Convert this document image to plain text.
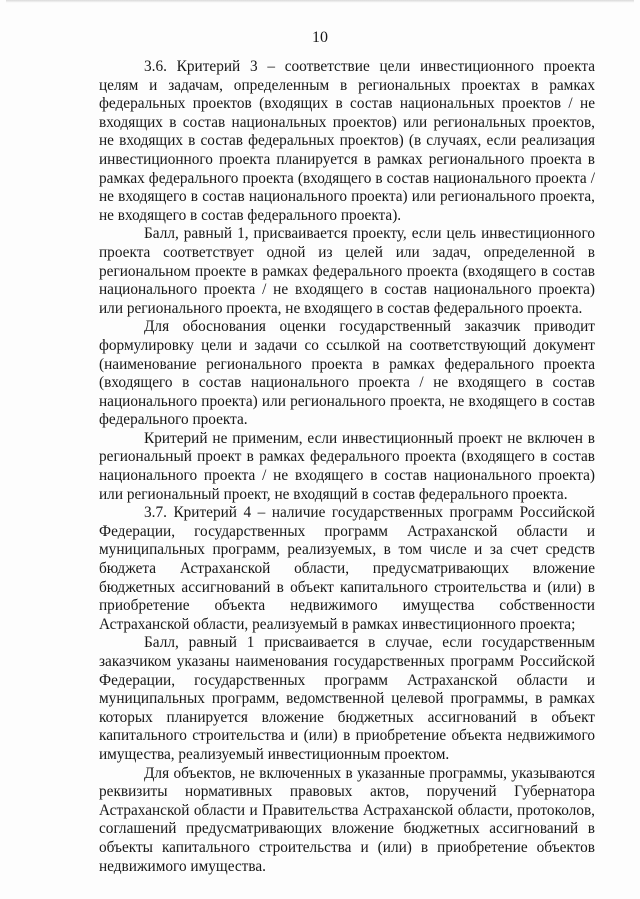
10

3.6. Критерий 3 – соответствие цели инвестиционного проекта целям и задачам, определенным в региональных проектах в рамках федеральных проектов (входящих в состав национальных проектов / не входящих в состав национальных проектов) или региональных проектов, не входящих в состав федеральных проектов) (в случаях, если реализация инвестиционного проекта планируется в рамках регионального проекта в рамках федерального проекта (входящего в состав национального проекта / не входящего в состав национального проекта) или регионального проекта, не входящего в состав федерального проекта).

Балл, равный 1, присваивается проекту, если цель инвестиционного проекта соответствует одной из целей или задач, определенной в региональном проекте в рамках федерального проекта (входящего в состав национального проекта / не входящего в состав национального проекта) или регионального проекта, не входящего в состав федерального проекта.

Для обоснования оценки государственный заказчик приводит формулировку цели и задачи со ссылкой на соответствующий документ (наименование регионального проекта в рамках федерального проекта (входящего в состав национального проекта / не входящего в состав национального проекта) или регионального проекта, не входящего в состав федерального проекта.

Критерий не применим, если инвестиционный проект не включен в региональный проект в рамках федерального проекта (входящего в состав национального проекта / не входящего в состав национального проекта) или региональный проект, не входящий в состав федерального проекта.

3.7. Критерий 4 – наличие государственных программ Российской Федерации, государственных программ Астраханской области и муниципальных программ, реализуемых, в том числе и за счет средств бюджета Астраханской области, предусматривающих вложение бюджетных ассигнований в объект капитального строительства и (или) в приобретение объекта недвижимого имущества собственности Астраханской области, реализуемый в рамках инвестиционного проекта;

Балл, равный 1 присваивается в случае, если государственным заказчиком указаны наименования государственных программ Российской Федерации, государственных программ Астраханской области и муниципальных программ, ведомственной целевой программы, в рамках которых планируется вложение бюджетных ассигнований в объект капитального строительства и (или) в приобретение объекта недвижимого имущества, реализуемый инвестиционным проектом.

Для объектов, не включенных в указанные программы, указываются реквизиты нормативных правовых актов, поручений Губернатора Астраханской области и Правительства Астраханской области, протоколов, соглашений предусматривающих вложение бюджетных ассигнований в объекты капитального строительства и (или) в приобретение объектов недвижимого имущества.
